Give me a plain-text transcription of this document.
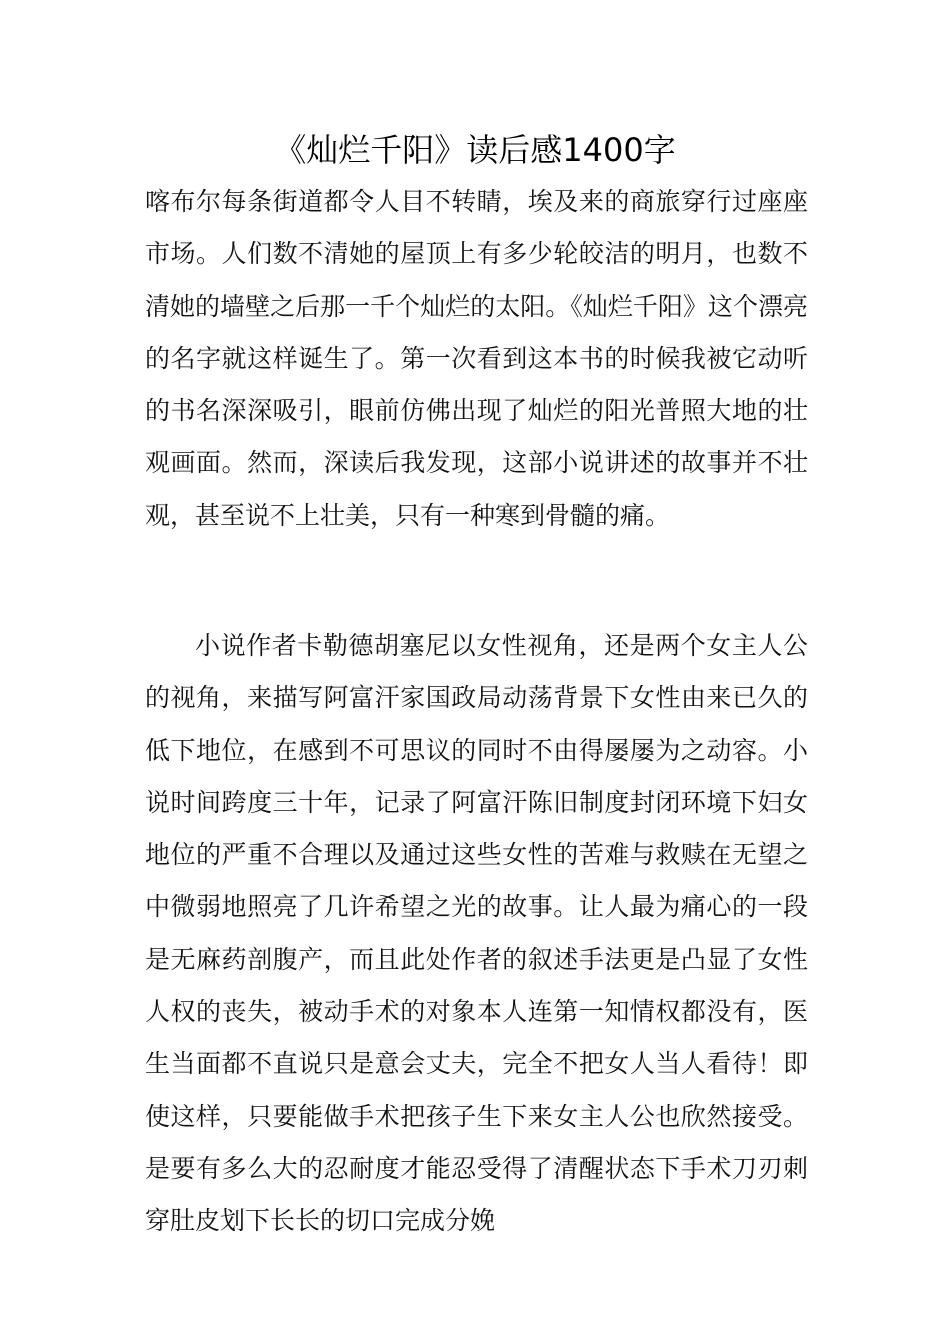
《灿烂千阳》读后感1400字

喀布尔每条街道都令人目不转睛，埃及来的商旅穿行过座座市场。人们数不清她的屋顶上有多少轮皎洁的明月，也数不清她的墙壁之后那一千个灿烂的太阳。《灿烂千阳》这个漂亮的名字就这样诞生了。第一次看到这本书的时候我被它动听的书名深深吸引，眼前仿佛出现了灿烂的阳光普照大地的壮观画面。然而，深读后我发现，这部小说讲述的故事并不壮观，甚至说不上壮美，只有一种寒到骨髓的痛。

小说作者卡勒德胡塞尼以女性视角，还是两个女主人公的视角，来描写阿富汗家国政局动荡背景下女性由来已久的低下地位，在感到不可思议的同时不由得屡屡为之动容。小说时间跨度三十年，记录了阿富汗陈旧制度封闭环境下妇女地位的严重不合理以及通过这些女性的苦难与救赎在无望之中微弱地照亮了几许希望之光的故事。让人最为痛心的一段是无麻药剖腹产，而且此处作者的叙述手法更是凸显了女性人权的丧失，被动手术的对象本人连第一知情权都没有，医生当面都不直说只是意会丈夫，完全不把女人当人看待！即使这样，只要能做手术把孩子生下来女主人公也欣然接受。是要有多么大的忍耐度才能忍受得了清醒状态下手术刀刃刺穿肚皮划下长长的切口完成分娩
